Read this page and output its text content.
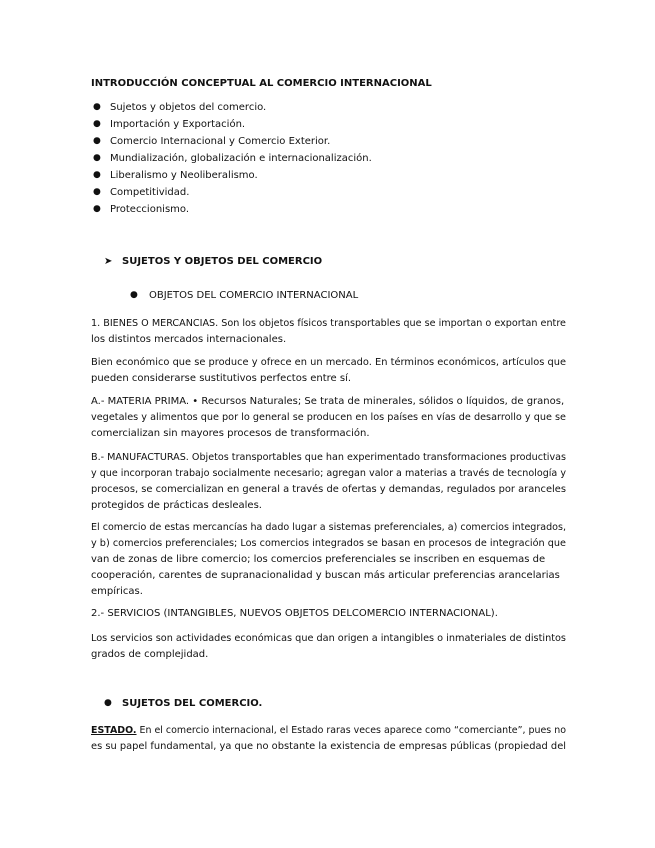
INTRODUCCIÓN CONCEPTUAL AL COMERCIO INTERNACIONAL
● Sujetos y objetos del comercio.
● Importación y Exportación.
● Comercio Internacional y Comercio Exterior.
● Mundialización, globalización e internacionalización.
● Liberalismo y Neoliberalismo.
● Competitividad.
● Proteccionismo.
➤ SUJETOS Y OBJETOS DEL COMERCIO
● OBJETOS DEL COMERCIO INTERNACIONAL
1. BIENES O MERCANCIAS. Son los objetos físicos transportables que se importan o exportan entre
los distintos mercados internacionales.
Bien económico que se produce y ofrece en un mercado. En términos económicos, artículos que
pueden considerarse sustitutivos perfectos entre sí.
A.- MATERIA PRIMA. • Recursos Naturales; Se trata de minerales, sólidos o líquidos, de granos,
vegetales y alimentos que por lo general se producen en los países en vías de desarrollo y que se
comercializan sin mayores procesos de transformación.
B.- MANUFACTURAS. Objetos transportables que han experimentado transformaciones productivas
y que incorporan trabajo socialmente necesario; agregan valor a materias a través de tecnología y
procesos, se comercializan en general a través de ofertas y demandas, regulados por aranceles
protegidos de prácticas desleales.
El comercio de estas mercancías ha dado lugar a sistemas preferenciales, a) comercios integrados,
y b) comercios preferenciales; Los comercios integrados se basan en procesos de integración que
van de zonas de libre comercio; los comercios preferenciales se inscriben en esquemas de
cooperación, carentes de supranacionalidad y buscan más articular preferencias arancelarias
empíricas.
2.- SERVICIOS (INTANGIBLES, NUEVOS OBJETOS DELCOMERCIO INTERNACIONAL).
Los servicios son actividades económicas que dan origen a intangibles o inmateriales de distintos
grados de complejidad.
● SUJETOS DEL COMERCIO.
ESTADO. En el comercio internacional, el Estado raras veces aparece como “comerciante”, pues no
es su papel fundamental, ya que no obstante la existencia de empresas públicas (propiedad del
